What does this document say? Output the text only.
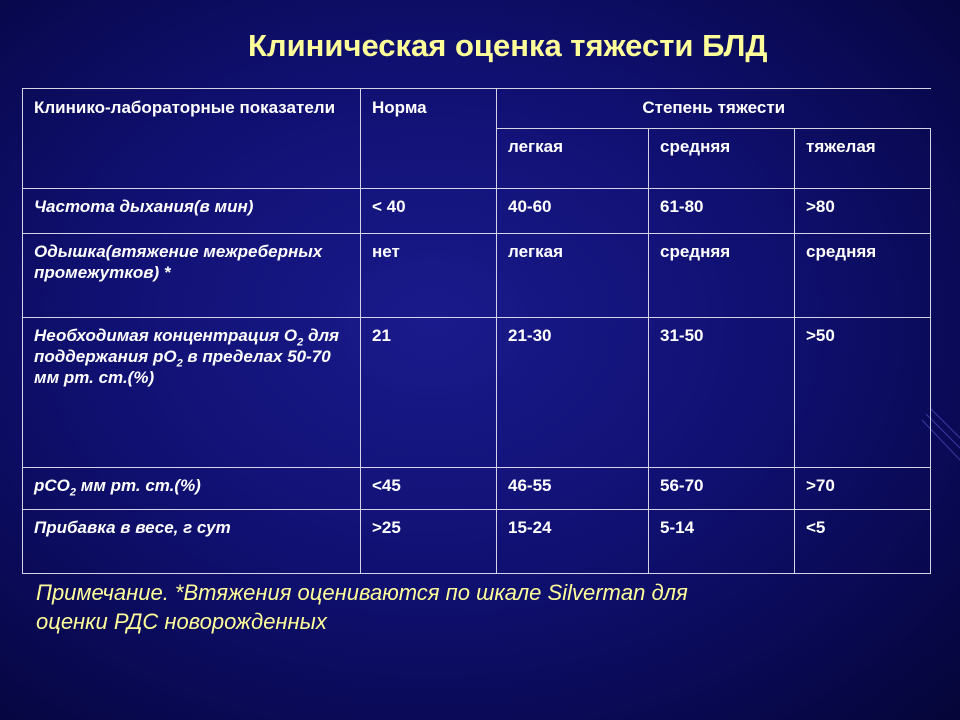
Клиническая оценка тяжести БЛД
Клинико-лабораторные показатели	Норма	Степень тяжести		
		легкая	средняя	тяжелая
Частота дыхания(в мин)	< 40	40-60	61-80	>80
Одышка(втяжение межреберных промежутков) *	нет	легкая	средняя	средняя
Необходимая концентрация $О_2$ для поддержания $рО_2$ в пределах 50-70 мм рт. ст.(%)	21	21-30	31-50	>50
рСО$_2$ мм рт. ст.(%)	<45	46-55	56-70	>70
Прибавка в весе, г сут	>25	15-24	5-14	<5
Примечание. *Втяжения оцениваются по шкале Silverman для
оценки РДС новорожденных
